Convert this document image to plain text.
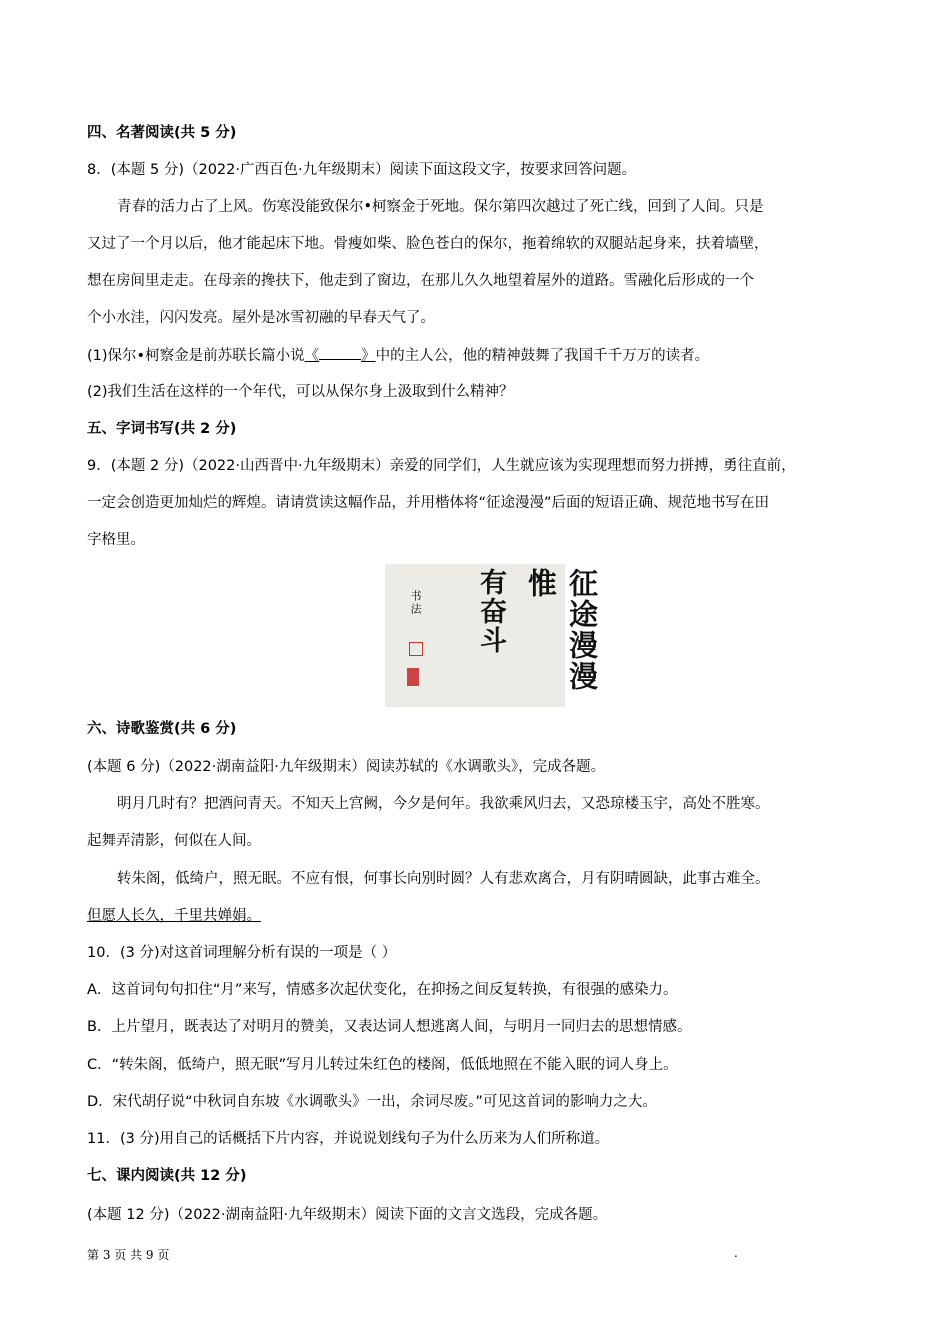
四、名著阅读(共 5 分)
8．(本题 5 分)（2022·广西百色·九年级期末）阅读下面这段文字，按要求回答问题。
青春的活力占了上风。伤寒没能致保尔•柯察金于死地。保尔第四次越过了死亡线，回到了人间。只是
又过了一个月以后，他才能起床下地。骨瘦如柴、脸色苍白的保尔，拖着绵软的双腿站起身来，扶着墙壁，
想在房间里走走。在母亲的搀扶下，他走到了窗边，在那儿久久地望着屋外的道路。雪融化后形成的一个
个小水洼，闪闪发亮。屋外是冰雪初融的早春天气了。
(1)保尔•柯察金是前苏联长篇小说《	》中的主人公，他的精神鼓舞了我国千千万万的读者。
(2)我们生活在这样的一个年代，可以从保尔身上汲取到什么精神？
五、字词书写(共 2 分)
9．(本题 2 分)（2022·山西晋中·九年级期末）亲爱的同学们，人生就应该为实现理想而努力拼搏，勇往直前，
一定会创造更加灿烂的辉煌。请请赏读这幅作品，并用楷体将“征途漫漫”后面的短语正确、规范地书写在田
字格里。
征途漫漫惟
有奋斗
书法
六、诗歌鉴赏(共 6 分)
(本题 6 分)（2022·湖南益阳·九年级期末）阅读苏轼的《水调歌头》，完成各题。
明月几时有？把酒问青天。不知天上宫阙，今夕是何年。我欲乘风归去，又恐琼楼玉宇，高处不胜寒。
起舞弄清影，何似在人间。
转朱阁，低绮户，照无眠。不应有恨，何事长向别时圆？人有悲欢离合，月有阴晴圆缺，此事古难全。
但愿人长久，千里共婵娟。
10．(3 分)对这首词理解分析有误的一项是（ ）
A．这首词句句扣住“月”来写，情感多次起伏变化，在抑扬之间反复转换，有很强的感染力。
B．上片望月，既表达了对明月的赞美，又表达词人想逃离人间，与明月一同归去的思想情感。
C．“转朱阁，低绮户，照无眠”写月儿转过朱红色的楼阁，低低地照在不能入眠的词人身上。
D．宋代胡仔说“中秋词自东坡《水调歌头》一出，余词尽废。”可见这首词的影响力之大。
11．(3 分)用自己的话概括下片内容，并说说划线句子为什么历来为人们所称道。
七、课内阅读(共 12 分)
(本题 12 分)（2022·湖南益阳·九年级期末）阅读下面的文言文选段，完成各题。
第 3 页 共 9 页	.
